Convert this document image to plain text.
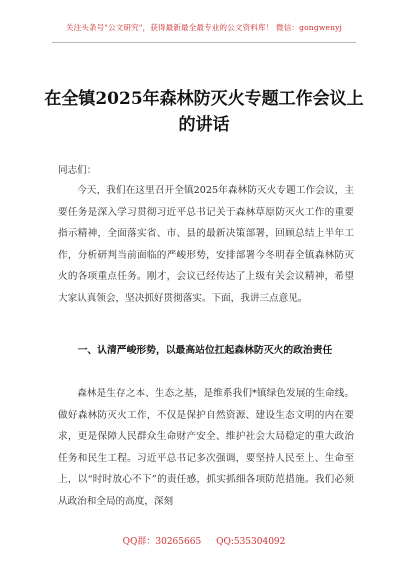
关注头条号"公文研究"，获得最新最全最专业的公文资料库！ 微信：gongwenyj
在全镇2025年森林防灭火专题工作会议上的讲话
同志们：
今天，我们在这里召开全镇2025年森林防灭火专题工作会议，主要任务是深入学习贯彻习近平总书记关于森林草原防灭火工作的重要指示精神，全面落实省、市、县的最新决策部署，回顾总结上半年工作，分析研判当前面临的严峻形势，安排部署今冬明春全镇森林防灭火的各项重点任务。刚才，会议已经传达了上级有关会议精神，希望大家认真领会，坚决抓好贯彻落实。下面，我讲三点意见。
一、认清严峻形势，以最高站位扛起森林防灭火的政治责任
森林是生存之本、生态之基，是维系我们*镇绿色发展的生命线。做好森林防灭火工作，不仅是保护自然资源、建设生态文明的内在要求，更是保障人民群众生命财产安全、维护社会大局稳定的重大政治任务和民生工程。习近平总书记多次强调，要坚持人民至上、生命至上，以“时时放心不下”的责任感，抓实抓细各项防范措施。我们必须从政治和全局的高度，深刻
QQ群：30265665 QQ:535304092
